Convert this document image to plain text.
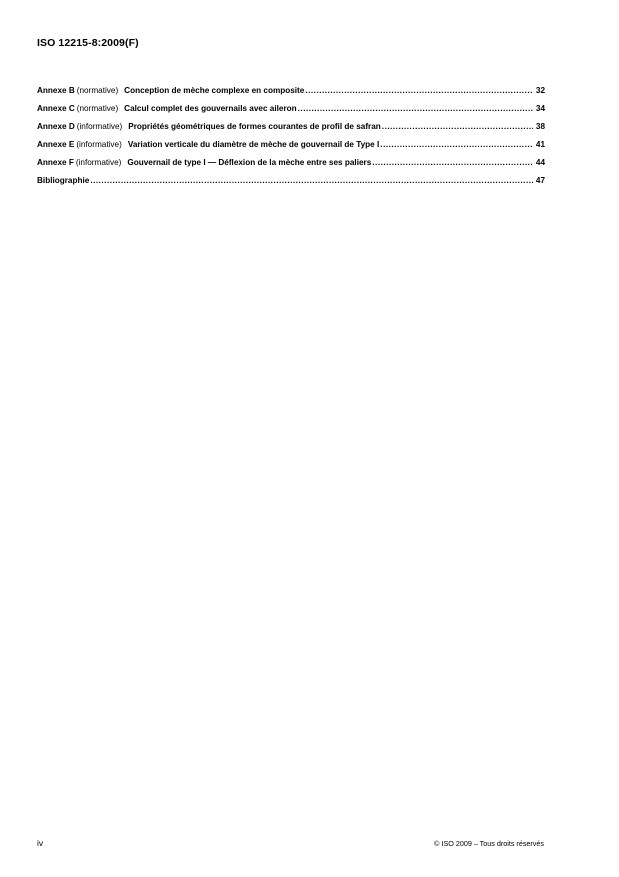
ISO 12215-8:2009(F)
Annexe B (normative) Conception de mèche complexe en composite .....	32
Annexe C (normative) Calcul complet des gouvernails avec aileron .....	34
Annexe D (informative) Propriétés géométriques de formes courantes de profil de safran .....	38
Annexe E (informative) Variation verticale du diamètre de mèche de gouvernail de Type I .....	41
Annexe F (informative) Gouvernail de type I — Déflexion de la mèche entre ses paliers .....	44
Bibliographie .....	47
iv	© ISO 2009 – Tous droits réservés
